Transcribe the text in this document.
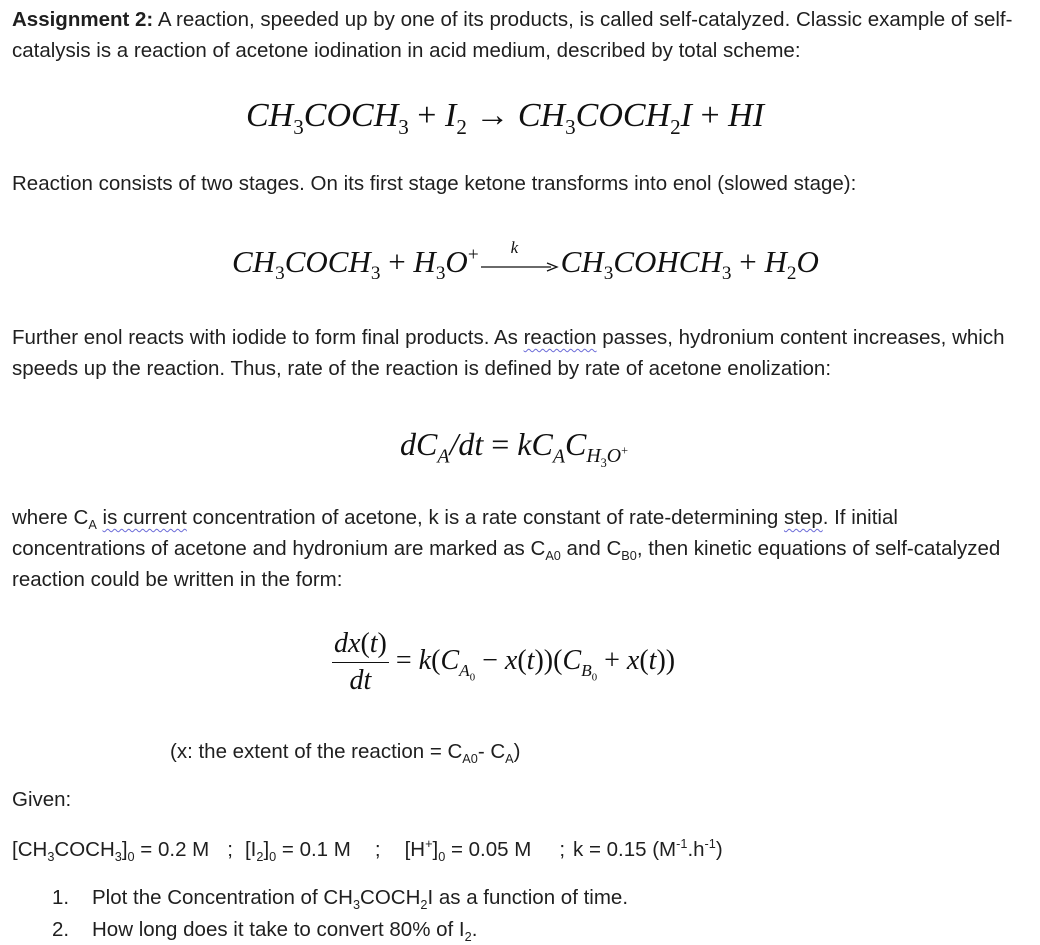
Assignment 2: A reaction, speeded up by one of its products, is called self-catalyzed. Classic example of self-catalysis is a reaction of acetone iodination in acid medium, described by total scheme:

$CH_3COCH_3 + I_2$ → $CH_3COCH_2I$ + HI

Reaction consists of two stages. On its first stage ketone transforms into enol (slowed stage):

$CH_3COCH_3 + H_3O^+$ k $CH_3COHCH_3 + H_2O$

Further enol reacts with iodide to form final products. As reaction passes, hydronium content increases, which speeds up the reaction. Thus, rate of the reaction is defined by rate of acetone enolization:

$dC_A/dt = kC_AC_{H_3O^+}$

where $C_A$ is current concentration of acetone, k is a rate constant of rate-determining step. If initial concentrations of acetone and hydronium are marked as $C_{A0}$ and $C_{B0}$, then kinetic equations of self-catalyzed reaction could be written in the form:

$\frac{dx(t)}{dt} = k(C_{A_0} - x(t))(C_{B_0} + x(t))$

(x: the extent of the reaction = $C_{A0}-$ $C_A$)

Given:

$[CH_3COCH_3]_0 = 0.2$ M ; $[I_2]_0 = 0.1$ M ; $[H^+]_0 = 0.05$ M ; k = 0.15 $(M^{-1}.h^{-1})$

1. Plot the Concentration of $CH_3COCH_2I$ as a function of time.
2. How long does it take to convert 80% of $I_2$.
